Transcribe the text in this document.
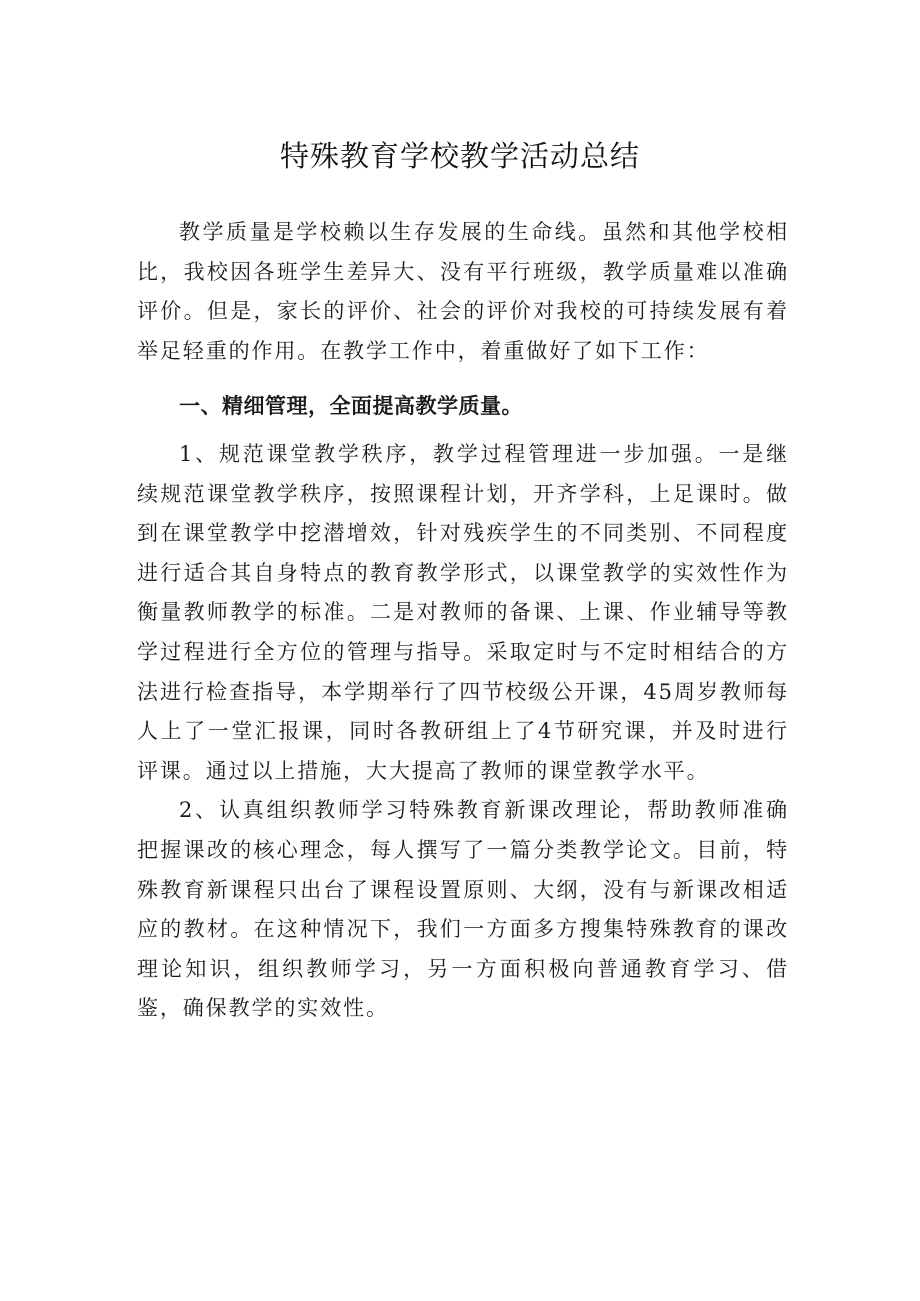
特殊教育学校教学活动总结

教学质量是学校赖以生存发展的生命线。虽然和其他学校相比，我校因各班学生差异大、没有平行班级，教学质量难以准确评价。但是，家长的评价、社会的评价对我校的可持续发展有着举足轻重的作用。在教学工作中，着重做好了如下工作：

一、精细管理，全面提高教学质量。

1、规范课堂教学秩序，教学过程管理进一步加强。一是继续规范课堂教学秩序，按照课程计划，开齐学科，上足课时。做到在课堂教学中挖潜增效，针对残疾学生的不同类别、不同程度进行适合其自身特点的教育教学形式，以课堂教学的实效性作为衡量教师教学的标准。二是对教师的备课、上课、作业辅导等教学过程进行全方位的管理与指导。采取定时与不定时相结合的方法进行检查指导，本学期举行了四节校级公开课，45周岁教师每人上了一堂汇报课，同时各教研组上了4节研究课，并及时进行评课。通过以上措施，大大提高了教师的课堂教学水平。

2、认真组织教师学习特殊教育新课改理论，帮助教师准确把握课改的核心理念，每人撰写了一篇分类教学论文。目前，特殊教育新课程只出台了课程设置原则、大纲，没有与新课改相适应的教材。在这种情况下，我们一方面多方搜集特殊教育的课改理论知识，组织教师学习，另一方面积极向普通教育学习、借鉴，确保教学的实效性。
